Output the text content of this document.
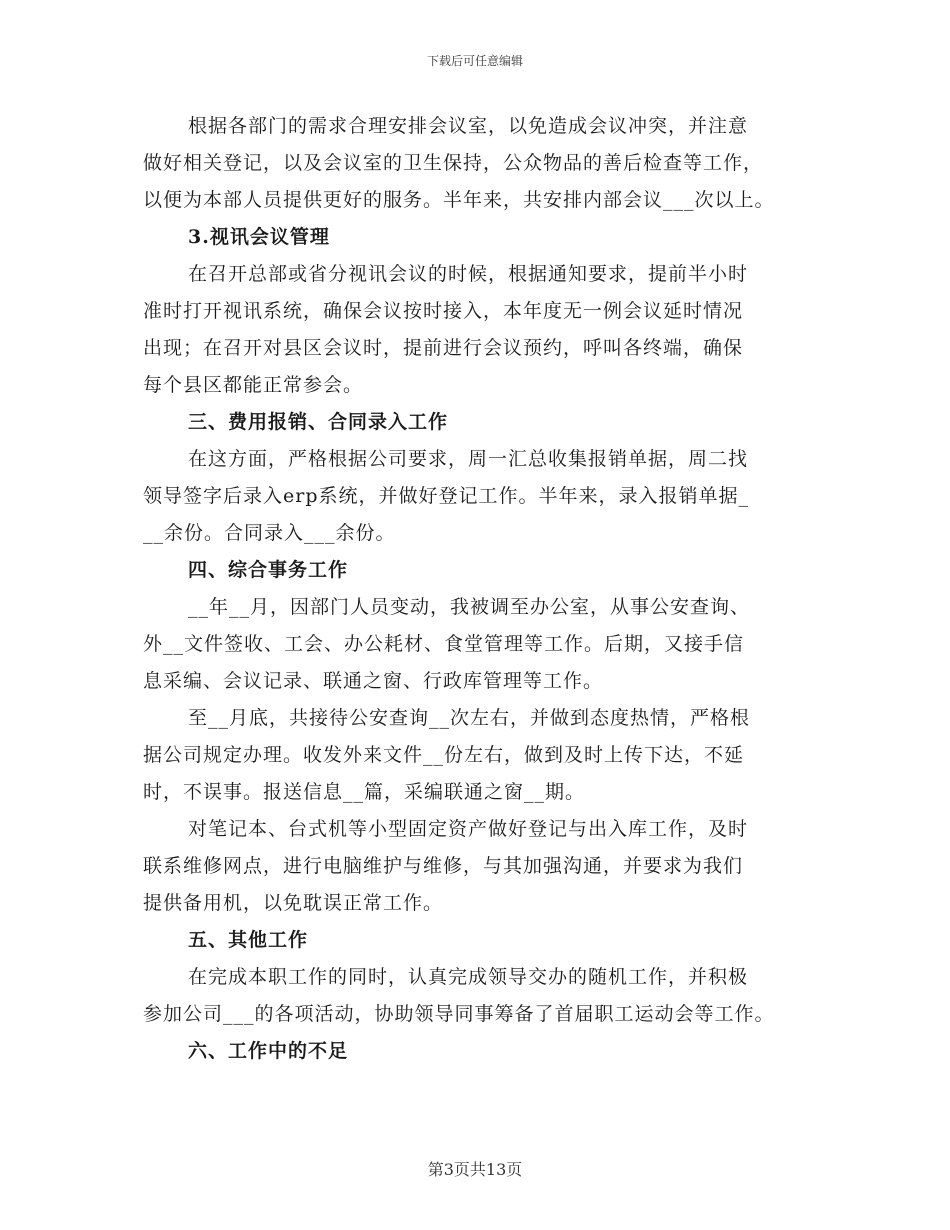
下载后可任意编辑
根据各部门的需求合理安排会议室，以免造成会议冲突，并注意
做好相关登记，以及会议室的卫生保持，公众物品的善后检查等工作，
以便为本部人员提供更好的服务。半年来，共安排内部会议___次以上。
3.视讯会议管理
在召开总部或省分视讯会议的时候，根据通知要求，提前半小时
准时打开视讯系统，确保会议按时接入，本年度无一例会议延时情况
出现；在召开对县区会议时，提前进行会议预约，呼叫各终端，确保
每个县区都能正常参会。
三、费用报销、合同录入工作
在这方面，严格根据公司要求，周一汇总收集报销单据，周二找
领导签字后录入erp系统，并做好登记工作。半年来，录入报销单据_
__余份。合同录入___余份。
四、综合事务工作
__年__月，因部门人员变动，我被调至办公室，从事公安查询、
外__文件签收、工会、办公耗材、食堂管理等工作。后期，又接手信
息采编、会议记录、联通之窗、行政库管理等工作。
至__月底，共接待公安查询__次左右，并做到态度热情，严格根
据公司规定办理。收发外来文件__份左右，做到及时上传下达，不延
时，不误事。报送信息__篇，采编联通之窗__期。
对笔记本、台式机等小型固定资产做好登记与出入库工作，及时
联系维修网点，进行电脑维护与维修，与其加强沟通，并要求为我们
提供备用机，以免耽误正常工作。
五、其他工作
在完成本职工作的同时，认真完成领导交办的随机工作，并积极
参加公司___的各项活动，协助领导同事筹备了首届职工运动会等工作。
六、工作中的不足
第3页共13页
